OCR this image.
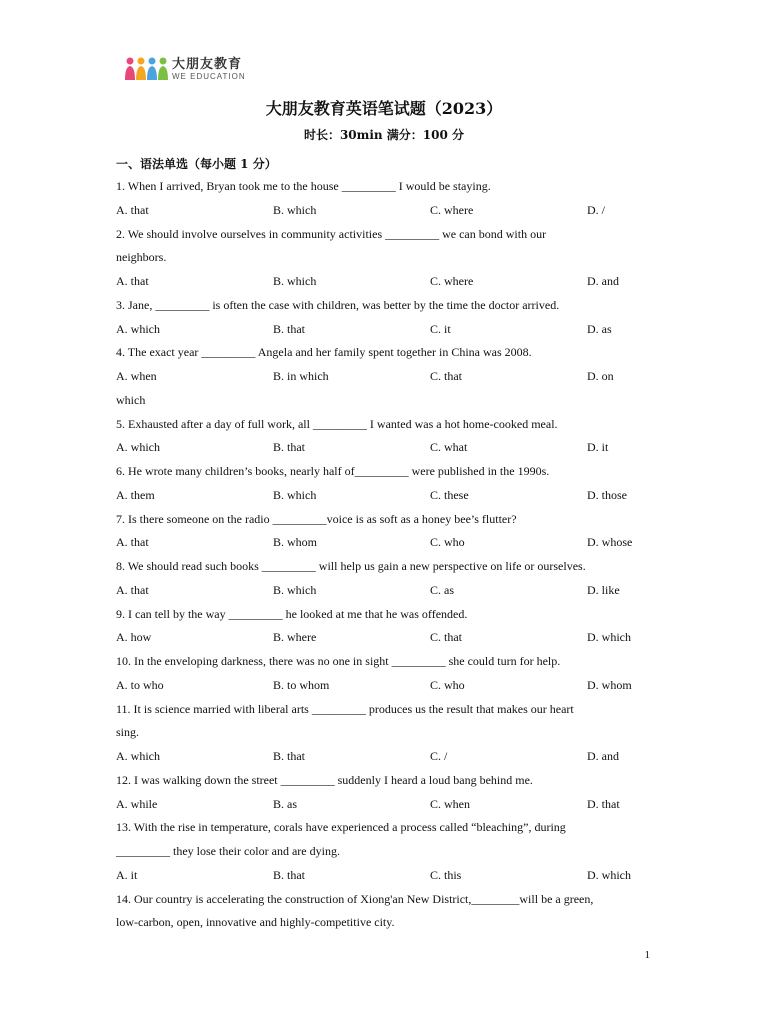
大朋友教育
WE EDUCATION
大朋友教育英语笔试题（2023）
时长：30min 满分：100 分
一、语法单选（每小题 1 分）
1. When I arrived, Bryan took me to the house _________ I would be staying.
A. that	B. which	C. where	D. /
2. We should involve ourselves in community activities _________ we can bond with our
neighbors.
A. that	B. which	C. where	D. and
3. Jane, _________ is often the case with children, was better by the time the doctor arrived.
A. which	B. that	C. it	D. as
4. The exact year _________ Angela and her family spent together in China was 2008.
A. when	B. in which	C. that	D. on
which
5. Exhausted after a day of full work, all _________ I wanted was a hot home-cooked meal.
A. which	B. that	C. what	D. it
6. He wrote many children’s books, nearly half of_________ were published in the 1990s.
A. them	B. which	C. these	D. those
7. Is there someone on the radio _________voice is as soft as a honey bee’s flutter?
A. that	B. whom	C. who	D. whose
8. We should read such books _________ will help us gain a new perspective on life or ourselves.
A. that	B. which	C. as	D. like
9. I can tell by the way _________ he looked at me that he was offended.
A. how	B. where	C. that	D. which
10. In the enveloping darkness, there was no one in sight _________ she could turn for help.
A. to who	B. to whom	C. who	D. whom
11. It is science married with liberal arts _________ produces us the result that makes our heart
sing.
A. which	B. that	C. /	D. and
12. I was walking down the street _________ suddenly I heard a loud bang behind me.
A. while	B. as	C. when	D. that
13. With the rise in temperature, corals have experienced a process called “bleaching”, during
_________ they lose their color and are dying.
A. it	B. that	C. this	D. which
14. Our country is accelerating the construction of Xiong'an New District,________will be a green,
low-carbon, open, innovative and highly-competitive city.
1
